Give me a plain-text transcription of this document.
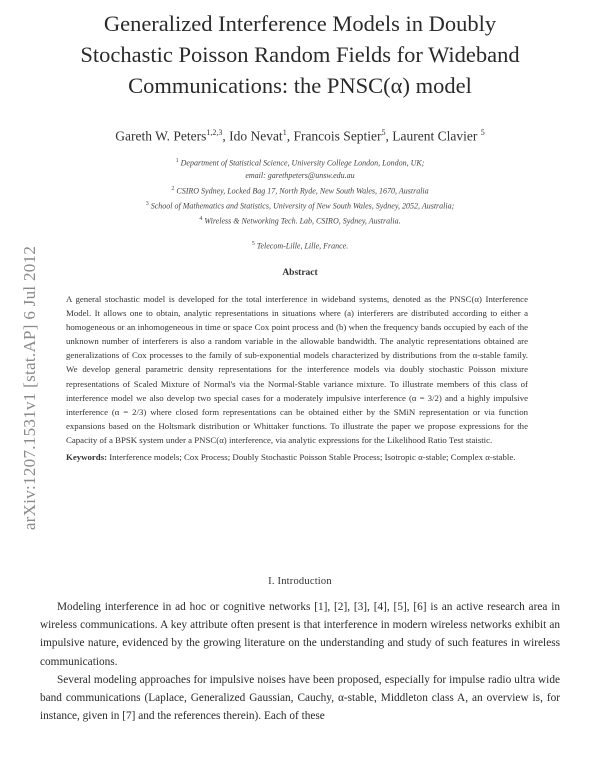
arXiv:1207.1531v1 [stat.AP] 6 Jul 2012
Generalized Interference Models in Doubly
Stochastic Poisson Random Fields for Wideband
Communications: the PNSC(α) model
Gareth W. Peters$^{1,2,3}$, Ido Nevat$^1$, Francois Septier$^5$, Laurent Clavier $^5$
$^1$ Department of Statistical Science, University College London, London, UK;
email: garethpeters@unsw.edu.au
$^2$ CSIRO Sydney, Locked Bag 17, North Ryde, New South Wales, 1670, Australia
$^3$ School of Mathematics and Statistics, University of New South Wales, Sydney, 2052, Australia;
$^4$ Wireless & Networking Tech. Lab, CSIRO, Sydney, Australia.
$^5$ Telecom-Lille, Lille, France.
Abstract

A general stochastic model is developed for the total interference in wideband systems, denoted as the PNSC(α) Interference Model. It allows one to obtain, analytic representations in situations where (a) interferers are distributed according to either a homogeneous or an inhomogeneous in time or space Cox point process and (b) when the frequency bands occupied by each of the unknown number of interferers is also a random variable in the allowable bandwidth. The analytic representations obtained are generalizations of Cox processes to the family of sub-exponential models characterized by distributions from the α-stable family. We develop general parametric density representations for the interference models via doubly stochastic Poisson mixture representations of Scaled Mixture of Normal's via the Normal-Stable variance mixture. To illustrate members of this class of interference model we also develop two special cases for a moderately impulsive interference (α = 3/2) and a highly impulsive interference (α = 2/3) where closed form representations can be obtained either by the SMiN representation or via function expansions based on the Holtsmark distribution or Whittaker functions. To illustrate the paper we propose expressions for the Capacity of a BPSK system under a PNSC(α) interference, via analytic expressions for the Likelihood Ratio Test staistic.

Keywords: Interference models; Cox Process; Doubly Stochastic Poisson Stable Process; Isotropic α-stable; Complex α-stable.

I. Introduction

Modeling interference in ad hoc or cognitive networks [1], [2], [3], [4], [5], [6] is an active research area in wireless communications. A key attribute often present is that interference in modern wireless networks exhibit an impulsive nature, evidenced by the growing literature on the understanding and study of such features in wireless communications.

Several modeling approaches for impulsive noises have been proposed, especially for impulse radio ultra wide band communications (Laplace, Generalized Gaussian, Cauchy, α-stable, Middleton class A, an overview is, for instance, given in [7] and the references therein). Each of these
